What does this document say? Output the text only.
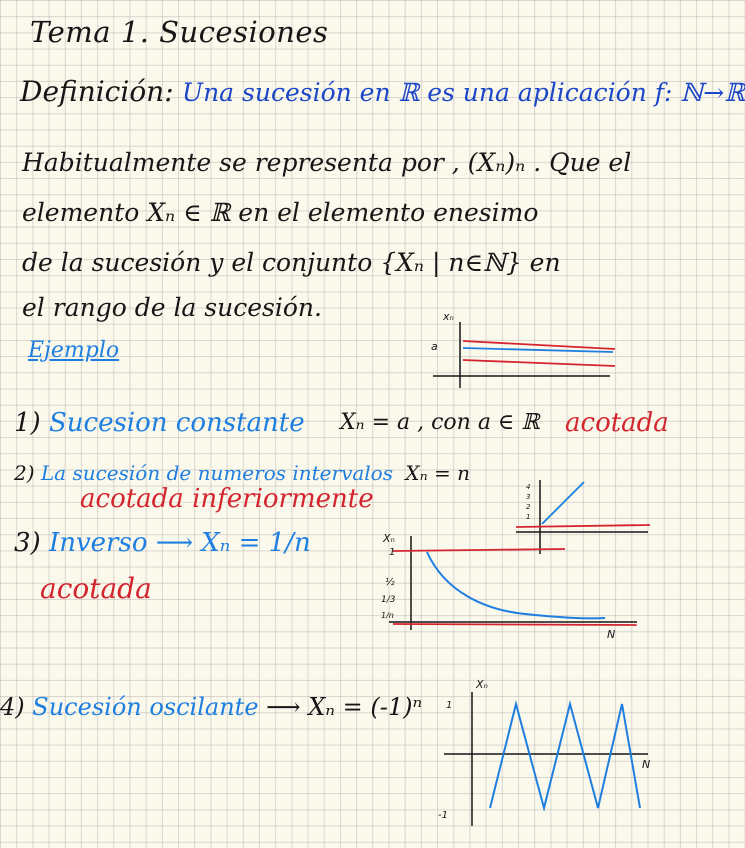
Tema 1. Sucesiones
Definición: Una sucesión en ℝ es una aplicación f: ℕ→ℝ
Habitualmente se representa por , (Xₙ)ₙ . Que el
elemento Xₙ ∈ ℝ en el elemento enesimo
de la sucesión y el conjunto {Xₙ | n∈ℕ} en
el rango de la sucesión.
Ejemplo
xₙ
a
1) Sucesion constante Xₙ = a , con a ∈ ℝ acotada
2) La sucesión de numeros intervalos Xₙ = n
acotada inferiormente	4
3
2
1
3) Inverso ⟶ Xₙ = 1/n
acotada
Xₙ
1
½
1/3
1/n
N
4) Sucesión oscilante ⟶ Xₙ = (-1)ⁿ
Xₙ
1
-1
N
